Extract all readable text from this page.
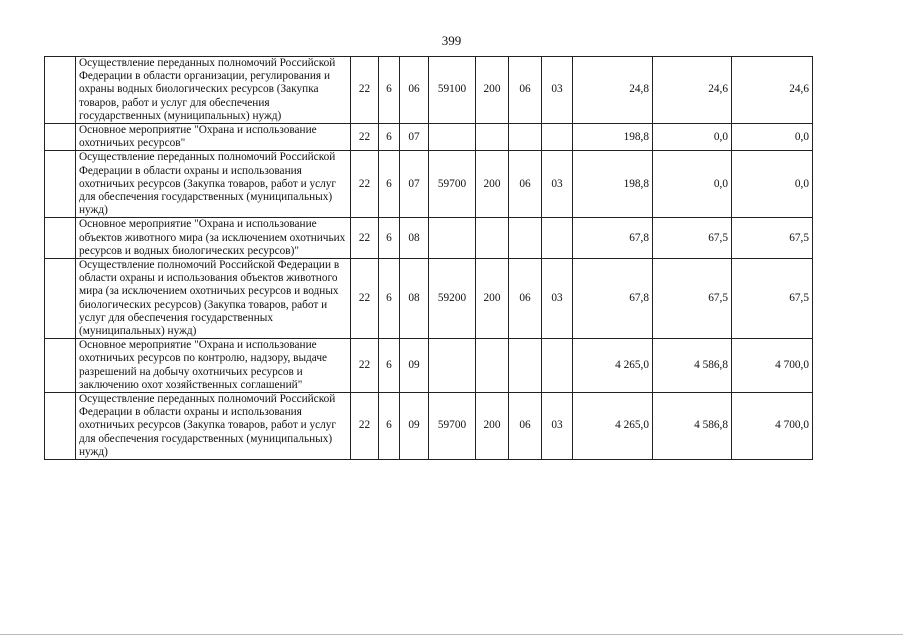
399
	Осуществление переданных полномочий Российской Федерации в области организации, регулирования и охраны водных биологических ресурсов (Закупка товаров, работ и услуг для обеспечения государственных (муниципальных) нужд)	22	6	06	59100	200	06	03	24,8	24,6	24,6
	Основное мероприятие "Охрана и использование охотничьих ресурсов"	22	6	07					198,8	0,0	0,0
	Осуществление переданных полномочий Российской Федерации в области охраны и использования охотничьих ресурсов (Закупка товаров, работ и услуг для обеспечения государственных (муниципальных) нужд)	22	6	07	59700	200	06	03	198,8	0,0	0,0
	Основное мероприятие "Охрана и использование объектов животного мира (за исключением охотничьих ресурсов и водных биологических ресурсов)"	22	6	08					67,8	67,5	67,5
	Осуществление полномочий Российской Федерации в области охраны и использования объектов животного мира (за исключением охотничьих ресурсов и водных биологических ресурсов) (Закупка товаров, работ и услуг для обеспечения государственных (муниципальных) нужд)	22	6	08	59200	200	06	03	67,8	67,5	67,5
	Основное мероприятие "Охрана и использование охотничьих ресурсов по контролю, надзору, выдаче разрешений на добычу охотничьих ресурсов и заключению охот хозяйственных соглашений"	22	6	09					4 265,0	4 586,8	4 700,0
	Осуществление переданных полномочий Российской Федерации в области охраны и использования охотничьих ресурсов (Закупка товаров, работ и услуг для обеспечения государственных (муниципальных) нужд)	22	6	09	59700	200	06	03	4 265,0	4 586,8	4 700,0
